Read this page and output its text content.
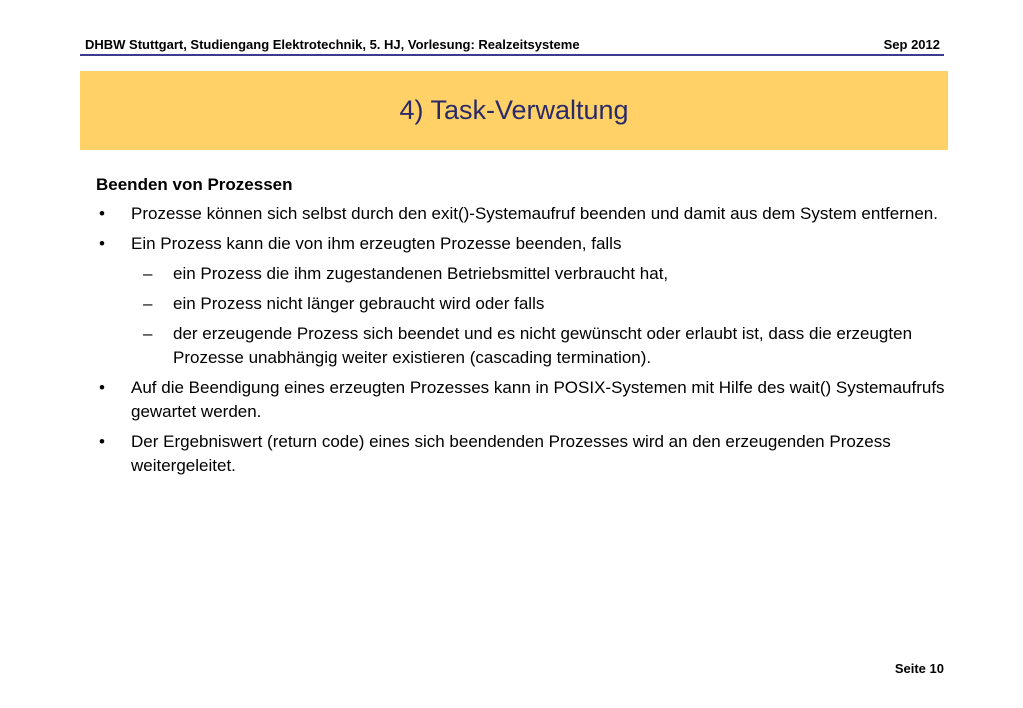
DHBW Stuttgart, Studiengang Elektrotechnik, 5. HJ, Vorlesung: Realzeitsysteme	Sep 2012
4) Task-Verwaltung
Beenden von Prozessen
• Prozesse können sich selbst durch den exit()-Systemaufruf beenden und damit aus dem System entfernen.
• Ein Prozess kann die von ihm erzeugten Prozesse beenden, falls
– ein Prozess die ihm zugestandenen Betriebsmittel verbraucht hat,
– ein Prozess nicht länger gebraucht wird oder falls
– der erzeugende Prozess sich beendet und es nicht gewünscht oder erlaubt ist, dass die erzeugten Prozesse unabhängig weiter existieren (cascading termination).
• Auf die Beendigung eines erzeugten Prozesses kann in POSIX-Systemen mit Hilfe des wait() Systemaufrufs gewartet werden.
• Der Ergebniswert (return code) eines sich beendenden Prozesses wird an den erzeugenden Prozess weitergeleitet.
Seite 10
